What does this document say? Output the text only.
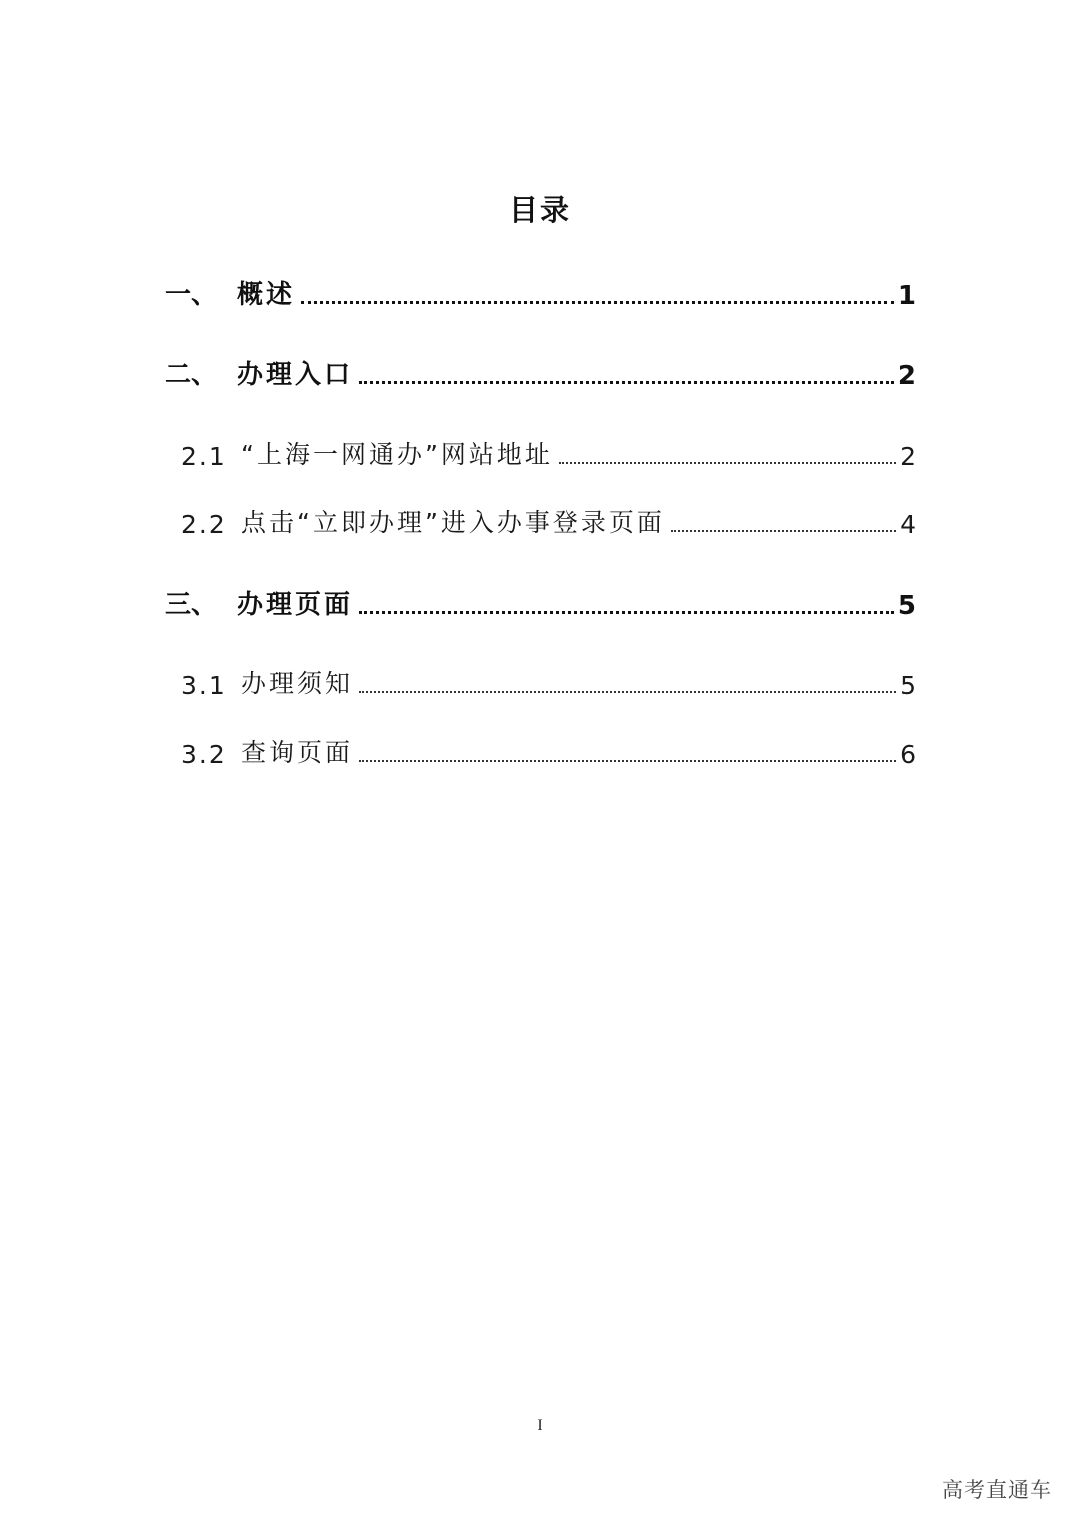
目录
一、 概述	1
二、 办理入口	2
2.1 “上海一网通办”网站地址	2
2.2 点击“立即办理”进入办事登录页面	4
三、 办理页面	5
3.1 办理须知	5
3.2 查询页面	6
I
高考直通车
